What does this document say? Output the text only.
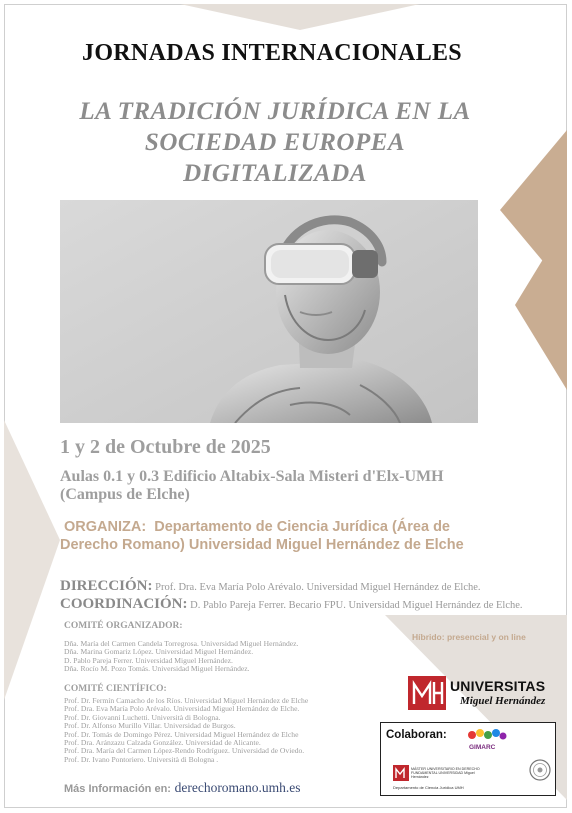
JORNADAS INTERNACIONALES
LA TRADICIÓN JURÍDICA EN LA
SOCIEDAD EUROPEA
DIGITALIZADA
1 y 2 de Octubre de 2025
Aulas 0.1 y 0.3 Edificio Altabix-Sala Misteri d'Elx-UMH
(Campus de Elche)
ORGANIZA: Departamento de Ciencia Jurídica (Área de
Derecho Romano) Universidad Miguel Hernández de Elche
DIRECCIÓN: Prof. Dra. Eva María Polo Arévalo. Universidad Miguel Hernández de Elche.
COORDINACIÓN: D. Pablo Pareja Ferrer. Becario FPU. Universidad Miguel Hernández de Elche.
COMITÉ ORGANIZADOR:
Dña. María del Carmen Candela Torregrosa. Universidad Miguel Hernández.
Dña. Marina Gomariz López. Universidad Miguel Hernández.
D. Pablo Pareja Ferrer. Universidad Miguel Hernández.
Dña. Rocío M. Pozo Tomás. Universidad Miguel Hernández.
COMITÉ CIENTÍFICO:
Prof. Dr. Fermín Camacho de los Ríos. Universidad Miguel Hernández de Elche
Prof. Dra. Eva María Polo Arévalo. Universidad Miguel Hernández de Elche.
Prof. Dr. Giovanni Luchetti. Università di Bologna.
Prof. Dr. Alfonso Murillo Villar. Universidad de Burgos.
Prof. Dr. Tomás de Domingo Pérez. Universidad Miguel Hernández de Elche
Prof. Dra. Aránzazu Calzada González. Universidad de Alicante.
Prof. Dra. María del Carmen López-Rendo Rodríguez. Universidad de Oviedo.
Prof. Dr. Ivano Pontoriero. Università di Bologna .
Más Información en: derechoromano.umh.es
Híbrido: presencial y on line
UNIVERSITAS
Miguel Hernández
Colaboran:
GIMARC
MÁSTER UNIVERSITARIO EN DERECHO FUNDAMENTAL UNIVERSIDAD Miguel Hernández
Departamento de Ciencia Jurídica UMH
